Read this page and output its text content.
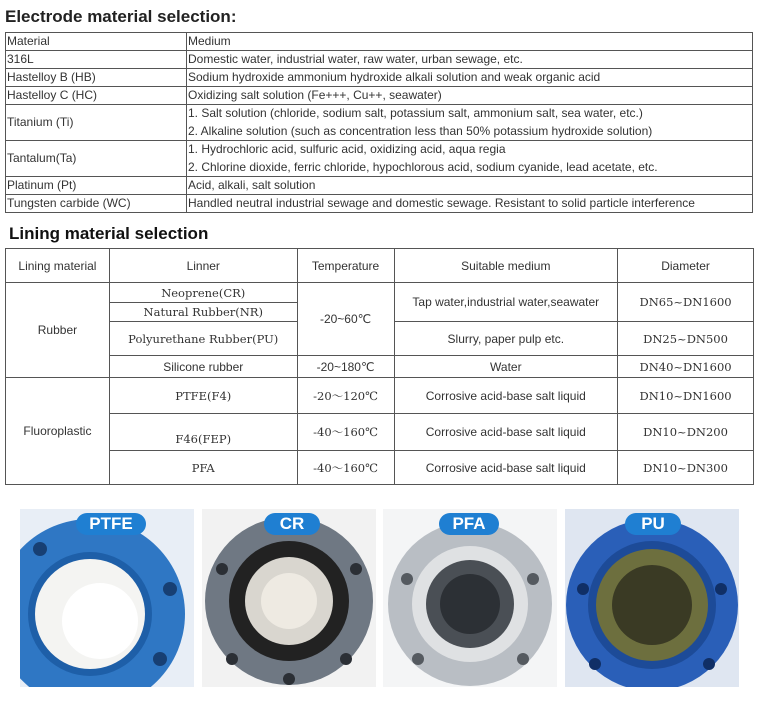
Electrode material selection:
Material	Medium
316L	Domestic water, industrial water, raw water, urban sewage, etc.
Hastelloy B (HB)	Sodium hydroxide ammonium hydroxide alkali solution and weak organic acid
Hastelloy C (HC)	Oxidizing salt solution (Fe+++, Cu++, seawater)
Titanium (Ti)	1. Salt solution (chloride, sodium salt, potassium salt, ammonium salt, sea water, etc.)
2. Alkaline solution (such as concentration less than 50% potassium hydroxide solution)

Tantalum(Ta)	1. Hydrochloric acid, sulfuric acid, oxidizing acid, aqua regia
2. Chlorine dioxide, ferric chloride, hypochlorous acid, sodium cyanide, lead acetate, etc.

Platinum (Pt)	Acid, alkali, salt solution
Tungsten carbide (WC)	Handled neutral industrial sewage and domestic sewage. Resistant to solid particle interference
Lining material selection
Lining material	Linner	Temperature	Suitable medium	Diameter
Rubber	Neoprene(CR)	-20~60℃	Tap water,industrial water,seawater	DN65~DN1600
	Natural Rubber(NR)			
	Polyurethane Rubber(PU)		Slurry, paper pulp etc.	DN25~DN500
	Silicone rubber	-20~180℃	Water	DN40~DN1600
Fluoroplastic	PTFE(F4)	-20～120℃	Corrosive acid-base salt liquid	DN10~DN1600
	F46(FEP)	-40～160℃	Corrosive acid-base salt liquid	DN10~DN200
	PFA	-40～160℃	Corrosive acid-base salt liquid	DN10~DN300
PTFE	CR	PFA	PU
